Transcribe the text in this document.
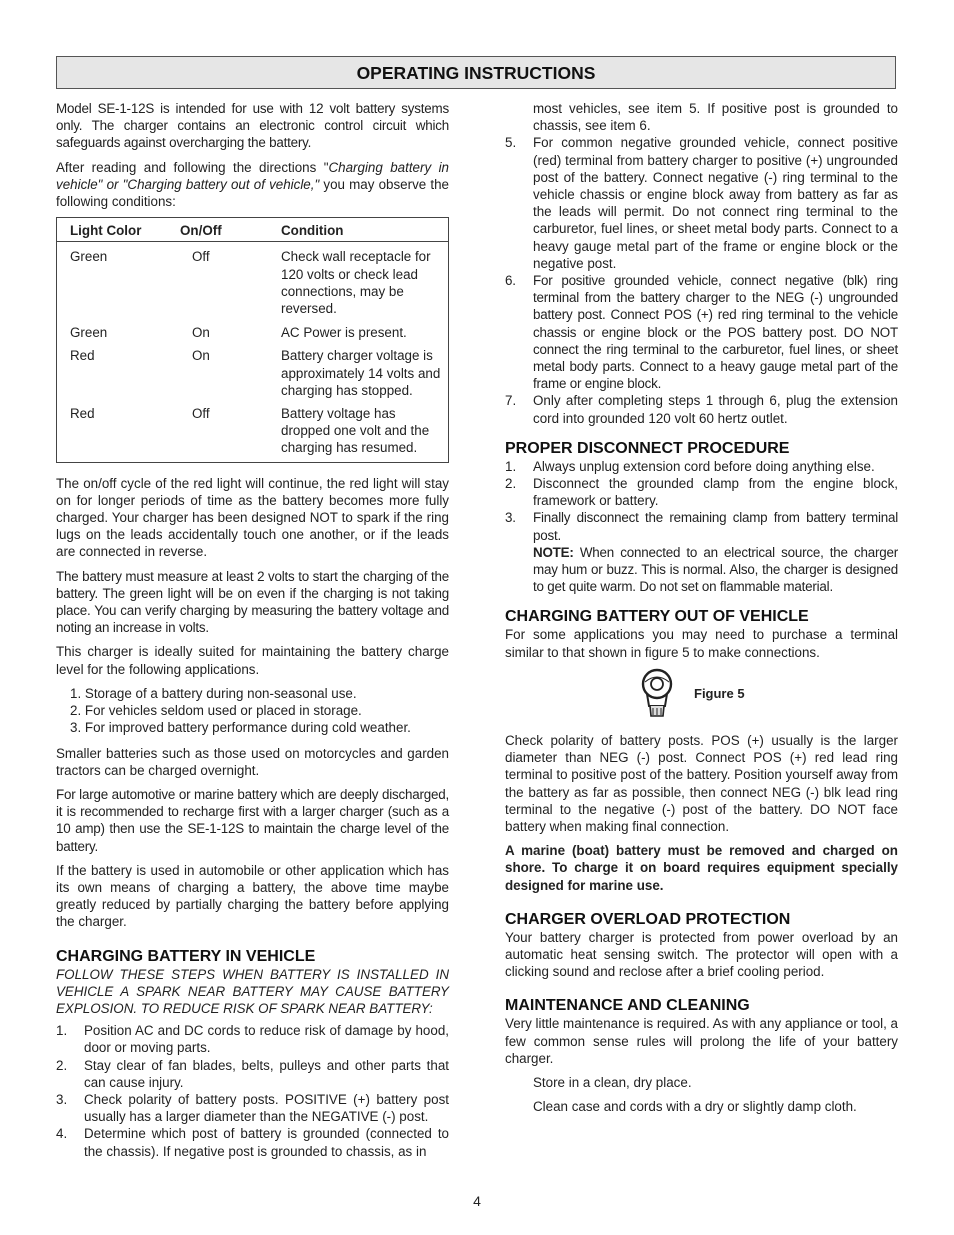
OPERATING INSTRUCTIONS

Model SE-1-12S is intended for use with 12 volt battery systems only. The charger contains an electronic control circuit which safeguards against overcharging the battery.

After reading and following the directions "Charging battery in vehicle" or "Charging battery out of vehicle," you may observe the following conditions:

Light Color	On/Off	Condition

Green	Off	Check wall receptacle for 120 volts or check lead connections, may be reversed.

Green	On	AC Power is present.

Red	On	Battery charger voltage is approximately 14 volts and charging has stopped.

Red	Off	Battery voltage has dropped one volt and the charging has resumed.

The on/off cycle of the red light will continue, the red light will stay on for longer periods of time as the battery becomes more fully charged. Your charger has been designed NOT to spark if the ring lugs on the leads accidentally touch one another, or if the leads are connected in reverse.

The battery must measure at least 2 volts to start the charging of the battery. The green light will be on even if the charging is not taking place. You can verify charging by measuring the battery voltage and noting an increase in volts.

This charger is ideally suited for maintaining the battery charge level for the following applications.

1. Storage of a battery during non-seasonal use.
2. For vehicles seldom used or placed in storage.
3. For improved battery performance during cold weather.

Smaller batteries such as those used on motorcycles and garden tractors can be charged overnight.

For large automotive or marine battery which are deeply discharged, it is recommended to recharge first with a larger charger (such as a 10 amp) then use the SE-1-12S to maintain the charge level of the battery.

If the battery is used in automobile or other application which has its own means of charging a battery, the above time maybe greatly reduced by partially charging the battery before applying the charger.

CHARGING BATTERY IN VEHICLE

FOLLOW THESE STEPS WHEN BATTERY IS INSTALLED IN VEHICLE A SPARK NEAR BATTERY MAY CAUSE BATTERY EXPLOSION. TO REDUCE RISK OF SPARK NEAR BATTERY:

1. Position AC and DC cords to reduce risk of damage by hood, door or moving parts.
2. Stay clear of fan blades, belts, pulleys and other parts that can cause injury.
3. Check polarity of battery posts. POSITIVE (+) battery post usually has a larger diameter than the NEGATIVE (-) post.
4. Determine which post of battery is grounded (connected to the chassis). If negative post is grounded to chassis, as in

most vehicles, see item 5. If positive post is grounded to chassis, see item 6.

5. For common negative grounded vehicle, connect positive (red) terminal from battery charger to positive (+) ungrounded post of the battery. Connect negative (-) ring terminal to the vehicle chassis or engine block away from battery as far as the leads will permit. Do not connect ring terminal to the carburetor, fuel lines, or sheet metal body parts. Connect to a heavy gauge metal part of the frame or engine block or the negative post.
6. For positive grounded vehicle, connect negative (blk) ring terminal from the battery charger to the NEG (-) ungrounded battery post. Connect POS (+) red ring terminal to the vehicle chassis or engine block or the POS battery post. DO NOT connect the ring terminal to the carburetor, fuel lines, or sheet metal body parts. Connect to a heavy gauge metal part of the frame or engine block.
7. Only after completing steps 1 through 6, plug the extension cord into grounded 120 volt 60 hertz outlet.
PROPER DISCONNECT PROCEDURE
1. Always unplug extension cord before doing anything else.
2. Disconnect the grounded clamp from the engine block, framework or battery.
3. Finally disconnect the remaining clamp from battery terminal post.

NOTE: When connected to an electrical source, the charger may hum or buzz. This is normal. Also, the charger is designed to get quite warm. Do not set on flammable material.

CHARGING BATTERY OUT OF VEHICLE

For some applications you may need to purchase a terminal similar to that shown in figure 5 to make connections.

Figure 5

Check polarity of battery posts. POS (+) usually is the larger diameter than NEG (-) post. Connect POS (+) red lead ring terminal to positive post of the battery. Position yourself away from the battery as far as possible, then connect NEG (-) blk lead ring terminal to the negative (-) post of the battery. DO NOT face battery when making final connection.

A marine (boat) battery must be removed and charged on shore. To charge it on board requires equipment specially designed for marine use.

CHARGER OVERLOAD PROTECTION

Your battery charger is protected from power overload by an automatic heat sensing switch. The protector will open with a clicking sound and reclose after a brief cooling period.

MAINTENANCE AND CLEANING

Very little maintenance is required. As with any appliance or tool, a few common sense rules will prolong the life of your battery charger.

Store in a clean, dry place.

Clean case and cords with a dry or slightly damp cloth.

4
